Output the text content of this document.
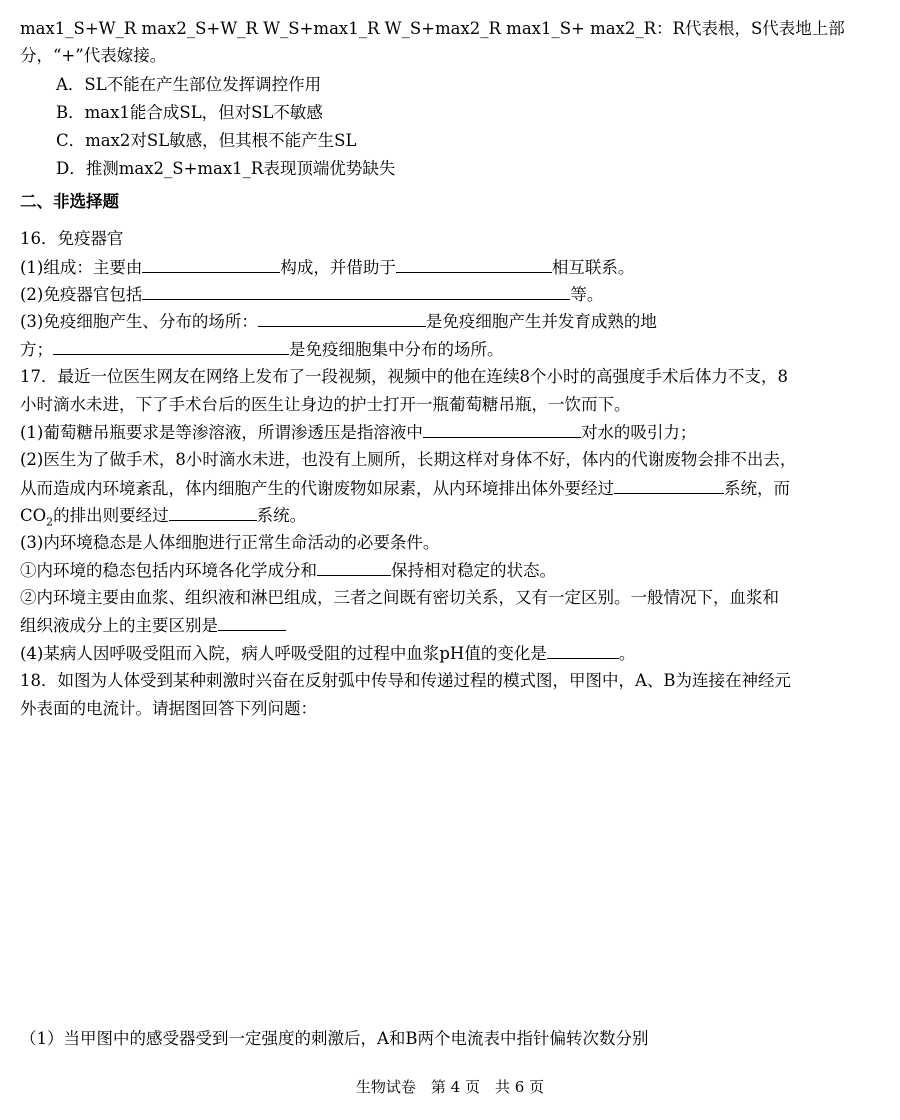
max1_S+W_R max2_S+W_R W_S+max1_R W_S+max2_R max1_S+ max2_R：R代表根，S代表地上部
分，“+”代表嫁接。
A．SL不能在产生部位发挥调控作用
B．max1能合成SL，但对SL不敏感
C．max2对SL敏感，但其根不能产生SL
D．推测max2_S+max1_R表现顶端优势缺失
二、非选择题
16．免疫器官
(1)组成：主要由	构成，并借助于	相互联系。
(2)免疫器官包括	等。
(3)免疫细胞产生、分布的场所：	是免疫细胞产生并发育成熟的地
方；	是免疫细胞集中分布的场所。
17．最近一位医生网友在网络上发布了一段视频，视频中的他在连续8个小时的高强度手术后体力不支，8
小时滴水未进，下了手术台后的医生让身边的护士打开一瓶葡萄糖吊瓶，一饮而下。
(1)葡萄糖吊瓶要求是等渗溶液，所谓渗透压是指溶液中	对水的吸引力；
(2)医生为了做手术，8小时滴水未进，也没有上厕所，长期这样对身体不好，体内的代谢废物会排不出去，
从而造成内环境紊乱，体内细胞产生的代谢废物如尿素，从内环境排出体外要经过	系统，而
$CO_2$的排出则要经过	系统。
(3)内环境稳态是人体细胞进行正常生命活动的必要条件。
①内环境的稳态包括内环境各化学成分和	保持相对稳定的状态。
②内环境主要由血浆、组织液和淋巴组成，三者之间既有密切关系，又有一定区别。一般情况下，血浆和
组织液成分上的主要区别是
(4)某病人因呼吸受阻而入院，病人呼吸受阻的过程中血浆pH值的变化是	。
18．如图为人体受到某种刺激时兴奋在反射弧中传导和传递过程的模式图，甲图中，A、B为连接在神经元
外表面的电流计。请据图回答下列问题：
（1）当甲图中的感受器受到一定强度的刺激后，A和B两个电流表中指针偏转次数分别
生物试卷　第 4 页　共 6 页
